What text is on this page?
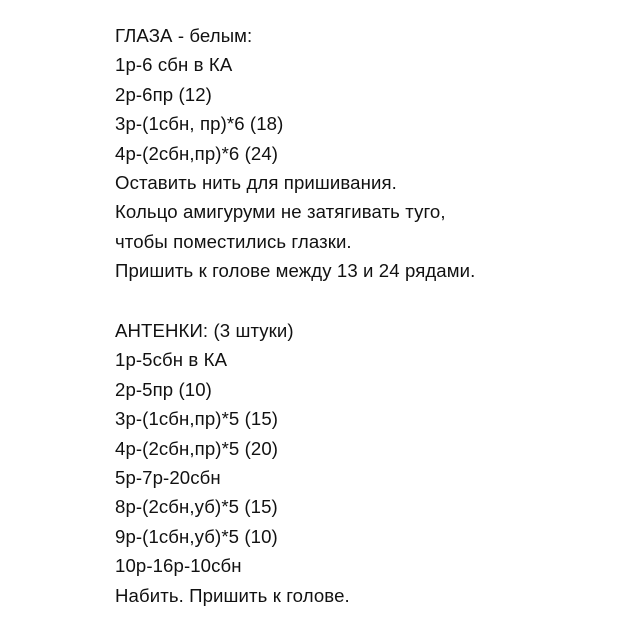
ГЛАЗА - белым:
1р-6 сбн в КА
2р-6пр (12)
3р-(1сбн, пр)*6 (18)
4р-(2сбн,пр)*6 (24)
Оставить нить для пришивания.
Кольцо амигуруми не затягивать туго,
чтобы поместились глазки.
Пришить к голове между 13 и 24 рядами.
АНТЕНКИ: (3 штуки)
1р-5сбн в КА
2р-5пр (10)
3р-(1сбн,пр)*5 (15)
4р-(2сбн,пр)*5 (20)
5р-7р-20сбн
8р-(2сбн,уб)*5 (15)
9р-(1сбн,уб)*5 (10)
10р-16р-10сбн
Набить. Пришить к голове.
